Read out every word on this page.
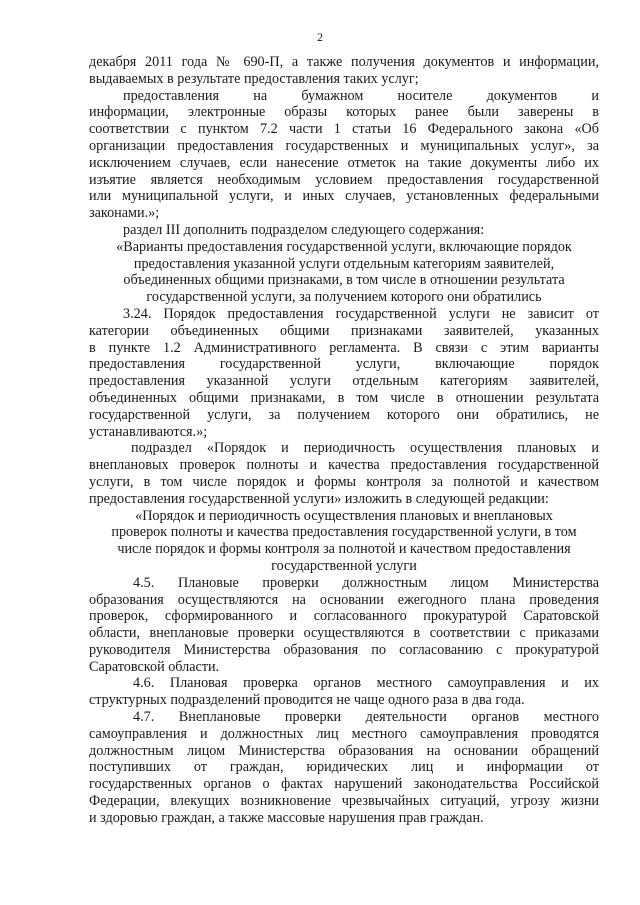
2
декабря 2011 года № 690-П, а также получения документов и информации,
выдаваемых в результате предоставления таких услуг;
предоставления на бумажном носителе документов и
информации, электронные образы которых ранее были заверены в
соответствии с пунктом 7.2 части 1 статьи 16 Федерального закона «Об
организации предоставления государственных и муниципальных услуг», за
исключением случаев, если нанесение отметок на такие документы либо их
изъятие является необходимым условием предоставления государственной
или муниципальной услуги, и иных случаев, установленных федеральными
законами.»;
раздел III дополнить подразделом следующего содержания:
«Варианты предоставления государственной услуги, включающие порядок
предоставления указанной услуги отдельным категориям заявителей,
объединенных общими признаками, в том числе в отношении результата
государственной услуги, за получением которого они обратились
3.24. Порядок предоставления государственной услуги не зависит от
категории объединенных общими признаками заявителей, указанных
в пункте 1.2 Административного регламента. В связи с этим варианты
предоставления государственной услуги, включающие порядок
предоставления указанной услуги отдельным категориям заявителей,
объединенных общими признаками, в том числе в отношении результата
государственной услуги, за получением которого они обратились, не
устанавливаются.»;
подраздел «Порядок и периодичность осуществления плановых и
внеплановых проверок полноты и качества предоставления государственной
услуги, в том числе порядок и формы контроля за полнотой и качеством
предоставления государственной услуги» изложить в следующей редакции:
«Порядок и периодичность осуществления плановых и внеплановых
проверок полноты и качества предоставления государственной услуги, в том
числе порядок и формы контроля за полнотой и качеством предоставления
государственной услуги
4.5. Плановые проверки должностным лицом Министерства
образования осуществляются на основании ежегодного плана проведения
проверок, сформированного и согласованного прокуратурой Саратовской
области, внеплановые проверки осуществляются в соответствии с приказами
руководителя Министерства образования по согласованию с прокуратурой
Саратовской области.
4.6. Плановая проверка органов местного самоуправления и их
структурных подразделений проводится не чаще одного раза в два года.
4.7. Внеплановые проверки деятельности органов местного
самоуправления и должностных лиц местного самоуправления проводятся
должностным лицом Министерства образования на основании обращений
поступивших от граждан, юридических лиц и информации от
государственных органов о фактах нарушений законодательства Российской
Федерации, влекущих возникновение чрезвычайных ситуаций, угрозу жизни
и здоровью граждан, а также массовые нарушения прав граждан.
